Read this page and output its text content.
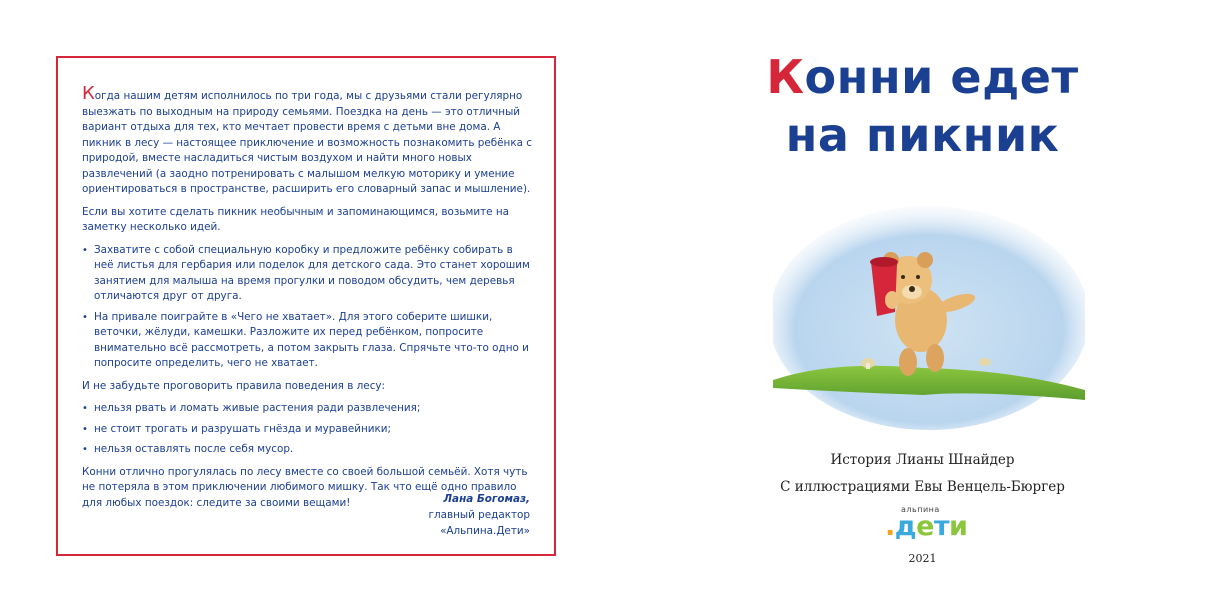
Когда нашим детям исполнилось по три года, мы с друзьями стали регулярно выезжать по выходным на природу семьями. Поездка на день — это отличный вариант отдыха для тех, кто мечтает провести время с детьми вне дома. А пикник в лесу — настоящее приключение и возможность познакомить ребёнка с природой, вместе насладиться чистым воздухом и найти много новых развлечений (а заодно потренировать с малышом мелкую моторику и умение ориентироваться в пространстве, расширить его словарный запас и мышление).

Если вы хотите сделать пикник необычным и запоминающимся, возьмите на заметку несколько идей.

• Захватите с собой специальную коробку и предложите ребёнку собирать в неё листья для гербария или поделок для детского сада. Это станет хорошим занятием для малыша на время прогулки и поводом обсудить, чем деревья отличаются друг от друга.
• На привале поиграйте в «Чего не хватает». Для этого соберите шишки, веточки, жёлуди, камешки. Разложите их перед ребёнком, попросите внимательно всё рассмотреть, а потом закрыть глаза. Спрячьте что-то одно и попросите определить, чего не хватает.

И не забудьте проговорить правила поведения в лесу:

• нельзя рвать и ломать живые растения ради развлечения;
• не стоит трогать и разрушать гнёзда и муравейники;
• нельзя оставлять после себя мусор.

Конни отлично прогулялась по лесу вместе со своей большой семьёй. Хотя чуть не потеряла в этом приключении любимого мишку. Так что ещё одно правило для любых поездок: следите за своими вещами!	Лана Богомаз,
главный редактор
«Альпина.Дети»
Конни едет
на пикник
История Лианы Шнайдер
С иллюстрациями Евы Венцель-Бюргер
альпина
.дети
2021
